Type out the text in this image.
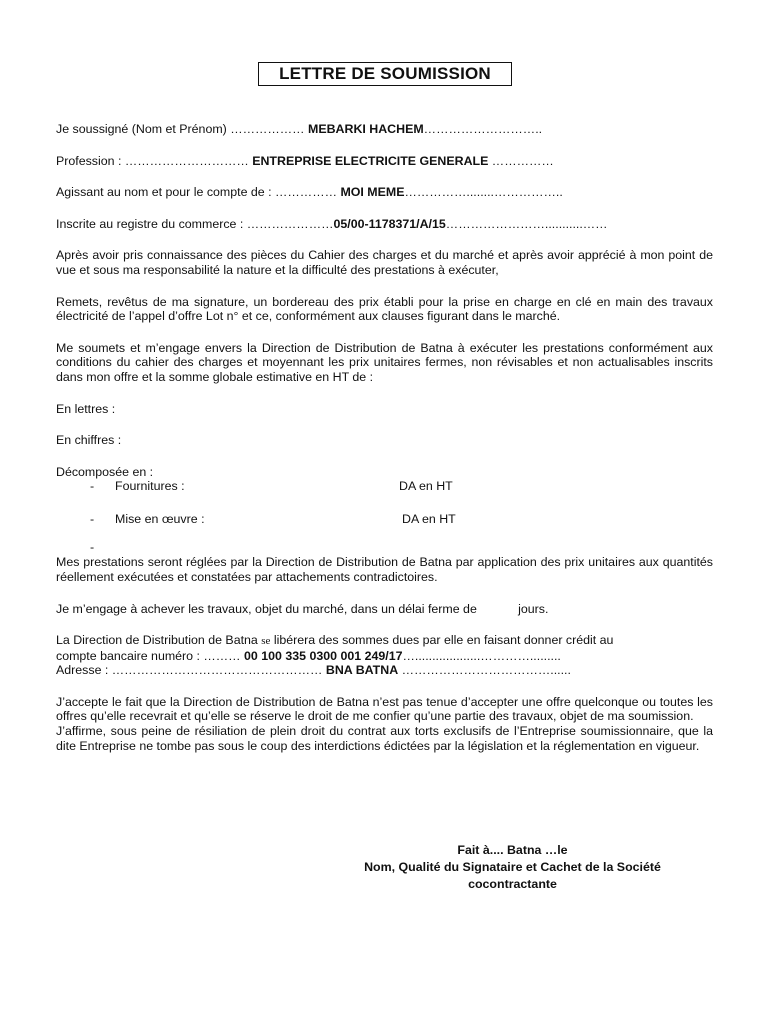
LETTRE DE SOUMISSION

Je soussigné (Nom et Prénom) ……………… MEBARKI HACHEM………………………..

Profession : ………………………… ENTREPRISE ELECTRICITE GENERALE ……………

Agissant au nom et pour le compte de : …………… MOI MEME……………........……………..

Inscrite au registre du commerce : …………………05/00-1178371/A/15……………………...........……

Après avoir pris connaissance des pièces du Cahier des charges et du marché et après avoir apprécié à mon point de vue et sous ma responsabilité la nature et la difficulté des prestations à exécuter,

Remets, revêtus de ma signature, un bordereau des prix établi pour la prise en charge en clé en main des travaux électricité de l’appel d’offre Lot n° et ce, conformément aux clauses figurant dans le marché.

Me soumets et m’engage envers la Direction de Distribution de Batna à exécuter les prestations conformément aux conditions du cahier des charges et moyennant les prix unitaires fermes, non révisables et non actualisables inscrits dans mon offre et la somme globale estimative en HT de :

En lettres :

En chiffres :

Décomposée en :

- Fournitures :	DA en HT
- Mise en œuvre :	DA en HT
-

Mes prestations seront réglées par la Direction de Distribution de Batna par application des prix unitaires aux quantités réellement exécutées et constatées par attachements contradictoires.

Je m’engage à achever les travaux, objet du marché, dans un délai ferme de            jours.

La Direction de Distribution de Batna se libérera des sommes dues par elle en faisant donner crédit au

compte bancaire numéro : ……… 00 100 335 0300 001 249/17…...................………….........

Adresse : …………………………………………… BNA BATNA ………………………………......

J’accepte le fait que la Direction de Distribution de Batna n’est pas tenue d’accepter une offre quelconque ou toutes les offres qu’elle recevrait et qu’elle se réserve le droit de me confier qu’une partie des travaux, objet de ma soumission.

J’affirme, sous peine de résiliation de plein droit du contrat aux torts exclusifs de l’Entreprise soumissionnaire, que la dite Entreprise ne tombe pas sous le coup des interdictions édictées par la législation et la réglementation en vigueur.

Fait à.... Batna …le
Nom, Qualité du Signataire et Cachet de la Société
cocontractante
